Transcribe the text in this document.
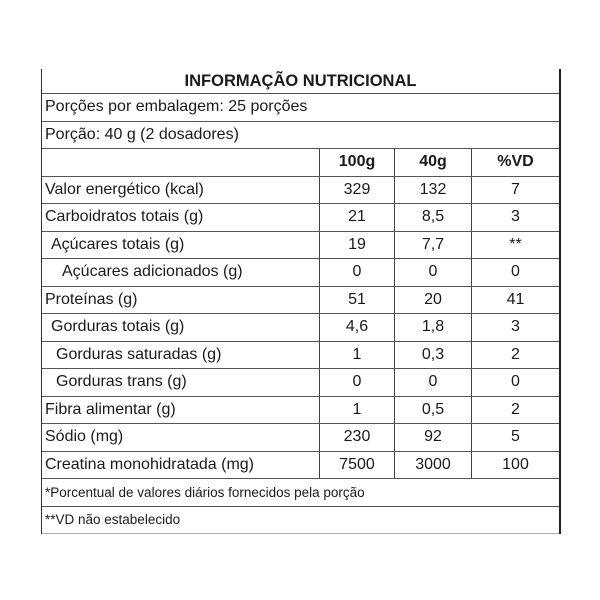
INFORMAÇÃO NUTRICIONAL
Porções por embalagem: 25 porções
Porção: 40 g (2 dosadores)
100g	40g	%VD
Valor energético (kcal)	329	132	7
Carboidratos totais (g)	21	8,5	3
Açúcares totais (g)	19	7,7	**
Açúcares adicionados (g)	0	0	0
Proteínas (g)	51	20	41
Gorduras totais (g)	4,6	1,8	3
Gorduras saturadas (g)	1	0,3	2
Gorduras trans (g)	0	0	0
Fibra alimentar (g)	1	0,5	2
Sódio (mg)	230	92	5
Creatina monohidratada (mg)	7500	3000	100
*Porcentual de valores diários fornecidos pela porção
**VD não estabelecido
